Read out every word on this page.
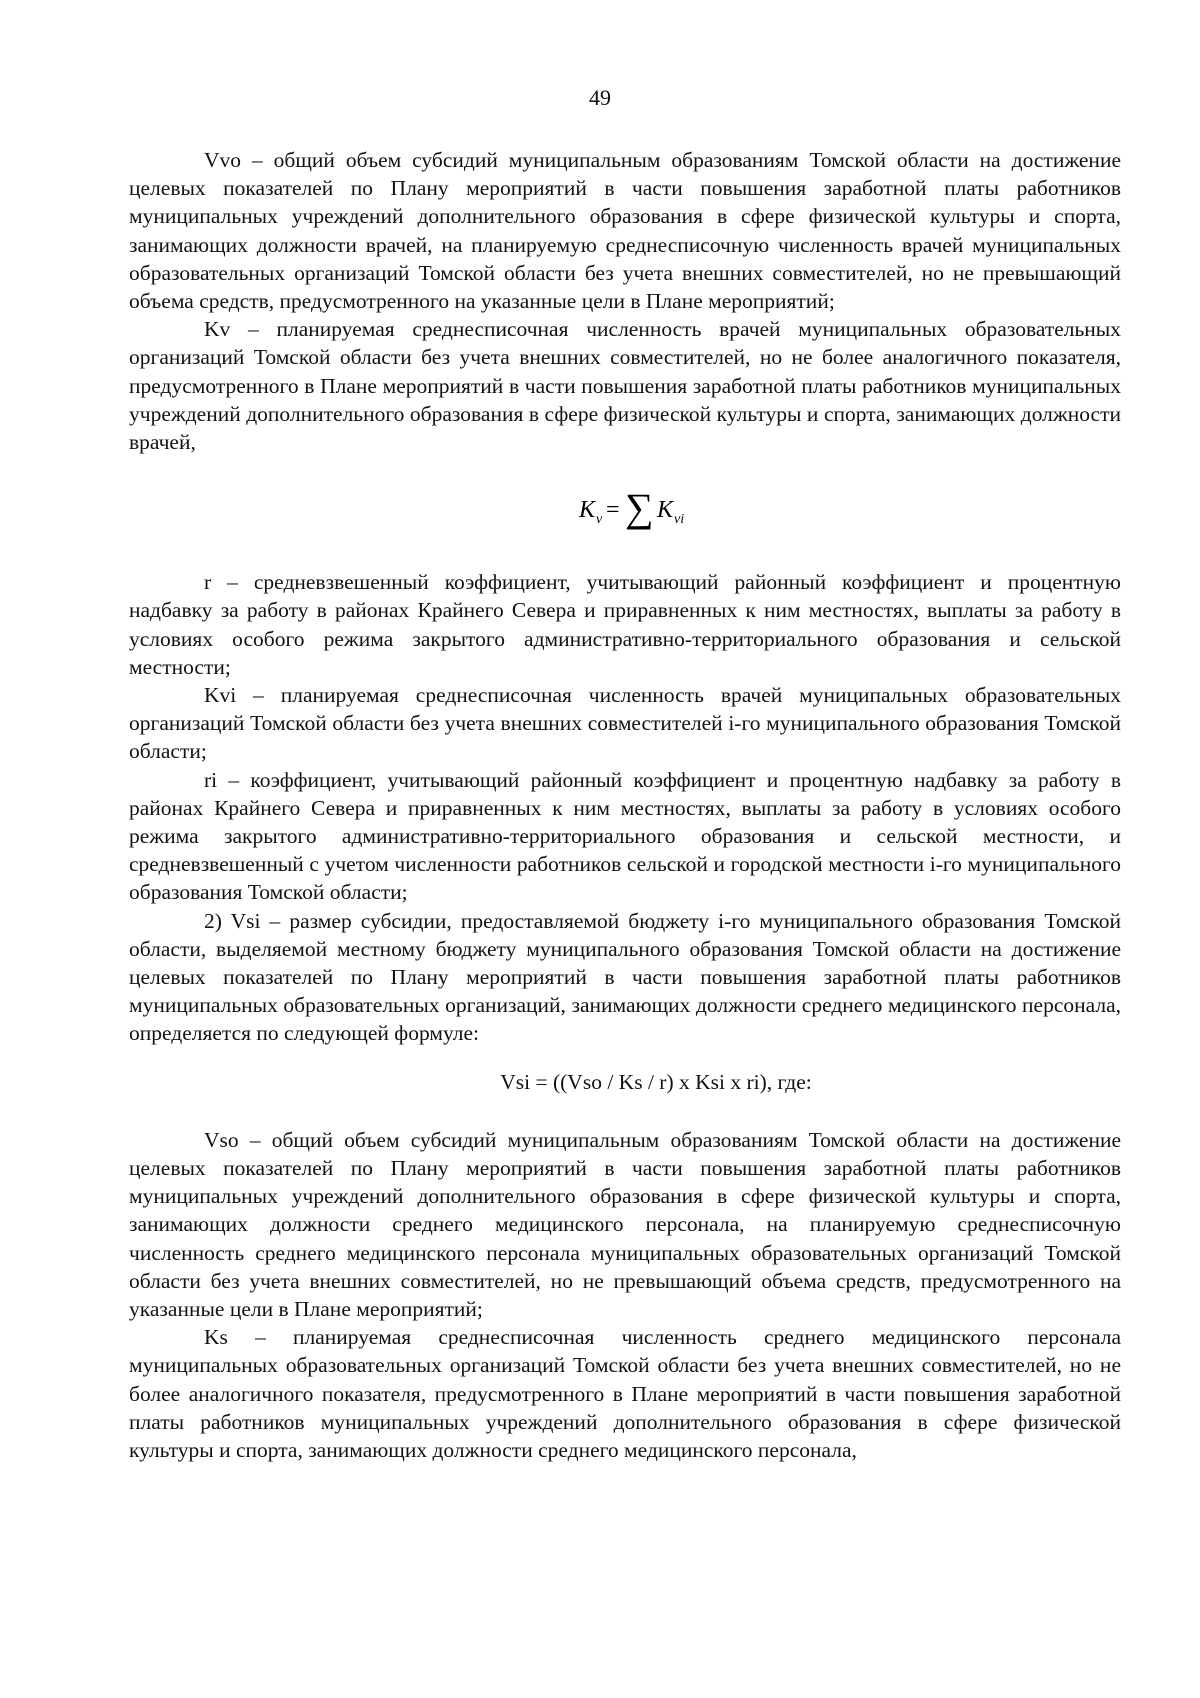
49

Vvo – общий объем субсидий муниципальным образованиям Томской области на достижение целевых показателей по Плану мероприятий в части повышения заработной платы работников муниципальных учреждений дополнительного образования в сфере физической культуры и спорта, занимающих должности врачей, на планируемую среднесписочную численность врачей муниципальных образовательных организаций Томской области без учета внешних совместителей, но не превышающий объема средств, предусмотренного на указанные цели в Плане мероприятий;

Kv – планируемая среднесписочная численность врачей муниципальных образовательных организаций Томской области без учета внешних совместителей, но не более аналогичного показателя, предусмотренного в Плане мероприятий в части повышения заработной платы работников муниципальных учреждений дополнительного образования в сфере физической культуры и спорта, занимающих должности врачей,

K v = ∑ K vi

r – средневзвешенный коэффициент, учитывающий районный коэффициент и процентную надбавку за работу в районах Крайнего Севера и приравненных к ним местностях, выплаты за работу в условиях особого режима закрытого административно-территориального образования и сельской местности;

Kvi – планируемая среднесписочная численность врачей муниципальных образовательных организаций Томской области без учета внешних совместителей i-го муниципального образования Томской области;

ri – коэффициент, учитывающий районный коэффициент и процентную надбавку за работу в районах Крайнего Севера и приравненных к ним местностях, выплаты за работу в условиях особого режима закрытого административно-территориального образования и сельской местности, и средневзвешенный с учетом численности работников сельской и городской местности i-го муниципального образования Томской области;

2) Vsi – размер субсидии, предоставляемой бюджету i-го муниципального образования Томской области, выделяемой местному бюджету муниципального образования Томской области на достижение целевых показателей по Плану мероприятий в части повышения заработной платы работников муниципальных образовательных организаций, занимающих должности среднего медицинского персонала, определяется по следующей формуле:

Vsi = ((Vso / Ks / r) x Ksi x ri), где:

Vso – общий объем субсидий муниципальным образованиям Томской области на достижение целевых показателей по Плану мероприятий в части повышения заработной платы работников муниципальных учреждений дополнительного образования в сфере физической культуры и спорта, занимающих должности среднего медицинского персонала, на планируемую среднесписочную численность среднего медицинского персонала муниципальных образовательных организаций Томской области без учета внешних совместителей, но не превышающий объема средств, предусмотренного на указанные цели в Плане мероприятий;

Ks – планируемая среднесписочная численность среднего медицинского персонала муниципальных образовательных организаций Томской области без учета внешних совместителей, но не более аналогичного показателя, предусмотренного в Плане мероприятий в части повышения заработной платы работников муниципальных учреждений дополнительного образования в сфере физической культуры и спорта, занимающих должности среднего медицинского персонала,
